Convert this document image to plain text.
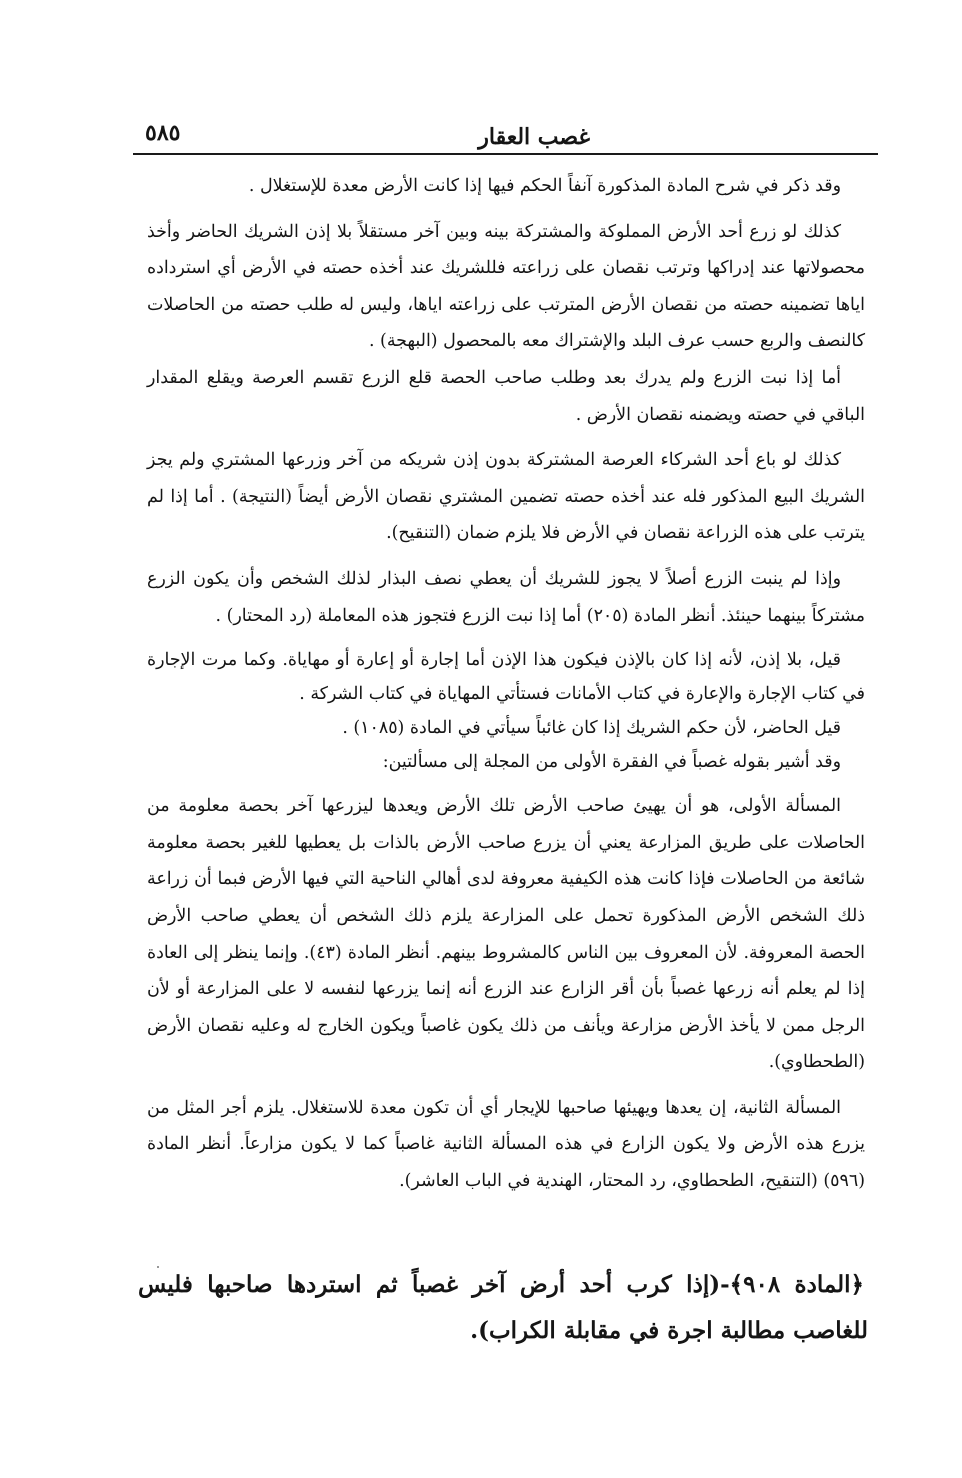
غصب العقار
٥٨٥

وقد ذكر في شرح المادة المذكورة آنفاً الحكم فيها إذا كانت الأرض معدة للإستغلال .

كذلك لو زرع أحد الأرض المملوكة والمشتركة بينه وبين آخر مستقلاً بلا إذن الشريك الحاضر وأخذ محصولاتها عند إدراكها وترتب نقصان على زراعته فللشريك عند أخذه حصته في الأرض أي استرداده اياها تضمينه حصته من نقصان الأرض المترتب على زراعته اياها، وليس له طلب حصته من الحاصلات كالنصف والربع حسب عرف البلد والإشتراك معه بالمحصول (البهجة) .

أما إذا نبت الزرع ولم يدرك بعد وطلب صاحب الحصة قلع الزرع تقسم العرصة ويقلع المقدار الباقي في حصته ويضمنه نقصان الأرض .

كذلك لو باع أحد الشركاء العرصة المشتركة بدون إذن شريكه من آخر وزرعها المشتري ولم يجز الشريك البيع المذكور فله عند أخذه حصته تضمين المشتري نقصان الأرض أيضاً (النتيجة) . أما إذا لم يترتب على هذه الزراعة نقصان في الأرض فلا يلزم ضمان (التنقيح).

وإذا لم ينبت الزرع أصلاً لا يجوز للشريك أن يعطي نصف البذار لذلك الشخص وأن يكون الزرع مشتركاً بينهما حينئذ. أنظر المادة (٢٠٥) أما إذا نبت الزرع فتجوز هذه المعاملة (رد المحتار) .

قيل، بلا إذن، لأنه إذا كان بالإذن فيكون هذا الإذن أما إجارة أو إعارة أو مهاياة. وكما مرت الإجارة في كتاب الإجارة والإعارة في كتاب الأمانات فستأتي المهاياة في كتاب الشركة .

قيل الحاضر، لأن حكم الشريك إذا كان غائباً سيأتي في المادة (١٠٨٥) .

وقد أشير بقوله غصباً في الفقرة الأولى من المجلة إلى مسألتين:

المسألة الأولى، هو أن يهيئ صاحب الأرض تلك الأرض ويعدها ليزرعها آخر بحصة معلومة من الحاصلات على طريق المزارعة يعني أن يزرع صاحب الأرض بالذات بل يعطيها للغير بحصة معلومة شائعة من الحاصلات فإذا كانت هذه الكيفية معروفة لدى أهالي الناحية التي فيها الأرض فبما أن زراعة ذلك الشخص الأرض المذكورة تحمل على المزارعة يلزم ذلك الشخص أن يعطي صاحب الأرض الحصة المعروفة. لأن المعروف بين الناس كالمشروط بينهم. أنظر المادة (٤٣). وإنما ينظر إلى العادة إذا لم يعلم أنه زرعها غصباً بأن أقر الزارع عند الزرع أنه إنما يزرعها لنفسه لا على المزارعة أو لأن الرجل ممن لا يأخذ الأرض مزارعة ويأنف من ذلك يكون غاصباً ويكون الخارج له وعليه نقصان الأرض (الطحطاوي).

المسألة الثانية، إن يعدها ويهيئها صاحبها للإيجار أي أن تكون معدة للاستغلال. يلزم أجر المثل من يزرع هذه الأرض ولا يكون الزارع في هذه المسألة الثانية غاصباً كما لا يكون مزارعاً. أنظر المادة (٥٩٦) (التنقيح، الطحطاوي، رد المحتار، الهندية في الباب العاشر).

﴿المادة ٩٠٨﴾-(إذا كرب أحد أرض آخر غصباً ثم استردها صاحبها فليس للغاصب مطالبة اجرة في مقابلة الكراب).
